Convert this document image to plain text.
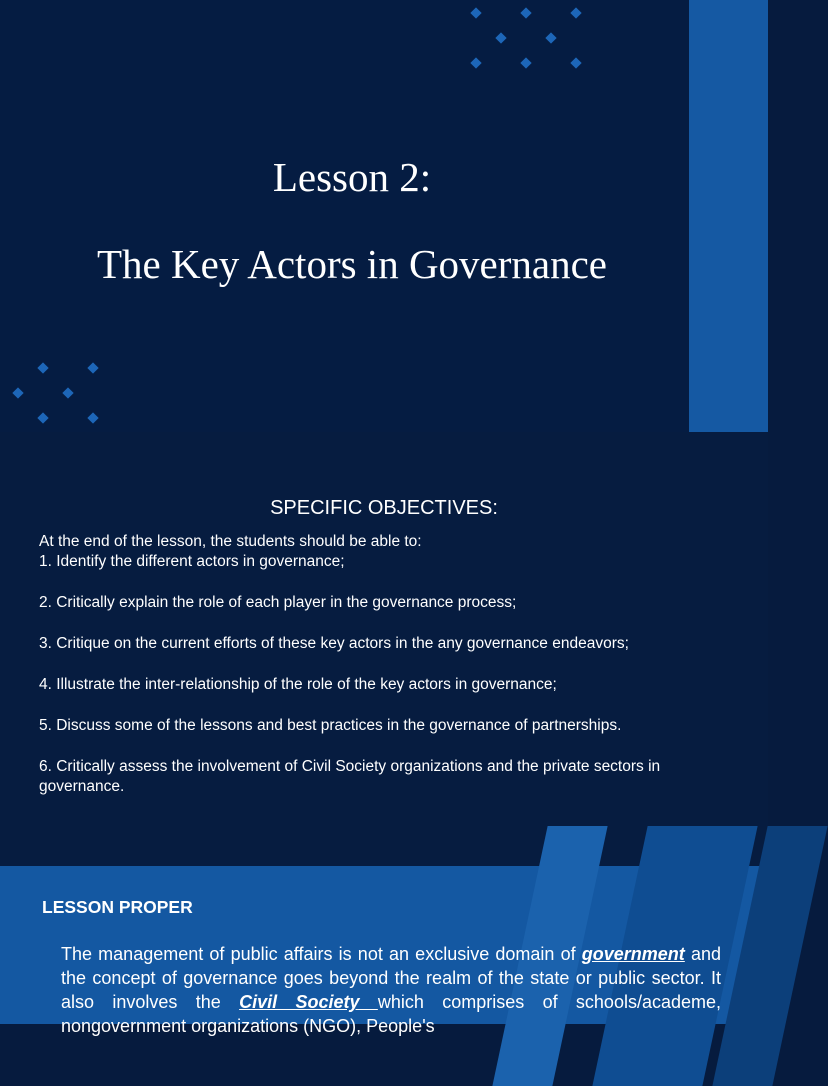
Lesson 2:
The Key Actors in Governance
SPECIFIC OBJECTIVES:
At the end of the lesson, the students should be able to:
1. Identify the different actors in governance;
2. Critically explain the role of each player in the governance process;
3. Critique on the current efforts of these key actors in the any governance endeavors;
4. Illustrate the inter-relationship of the role of the key actors in governance;
5. Discuss some of the lessons and best practices in the governance of partnerships.
6. Critically assess the involvement of Civil Society organizations and the private sectors in governance.
LESSON PROPER

The management of public affairs is not an exclusive domain of government and the concept of governance goes beyond the realm of the state or public sector. It also involves the Civil Society which comprises of schools/academe, nongovernment organizations (NGO), People's
